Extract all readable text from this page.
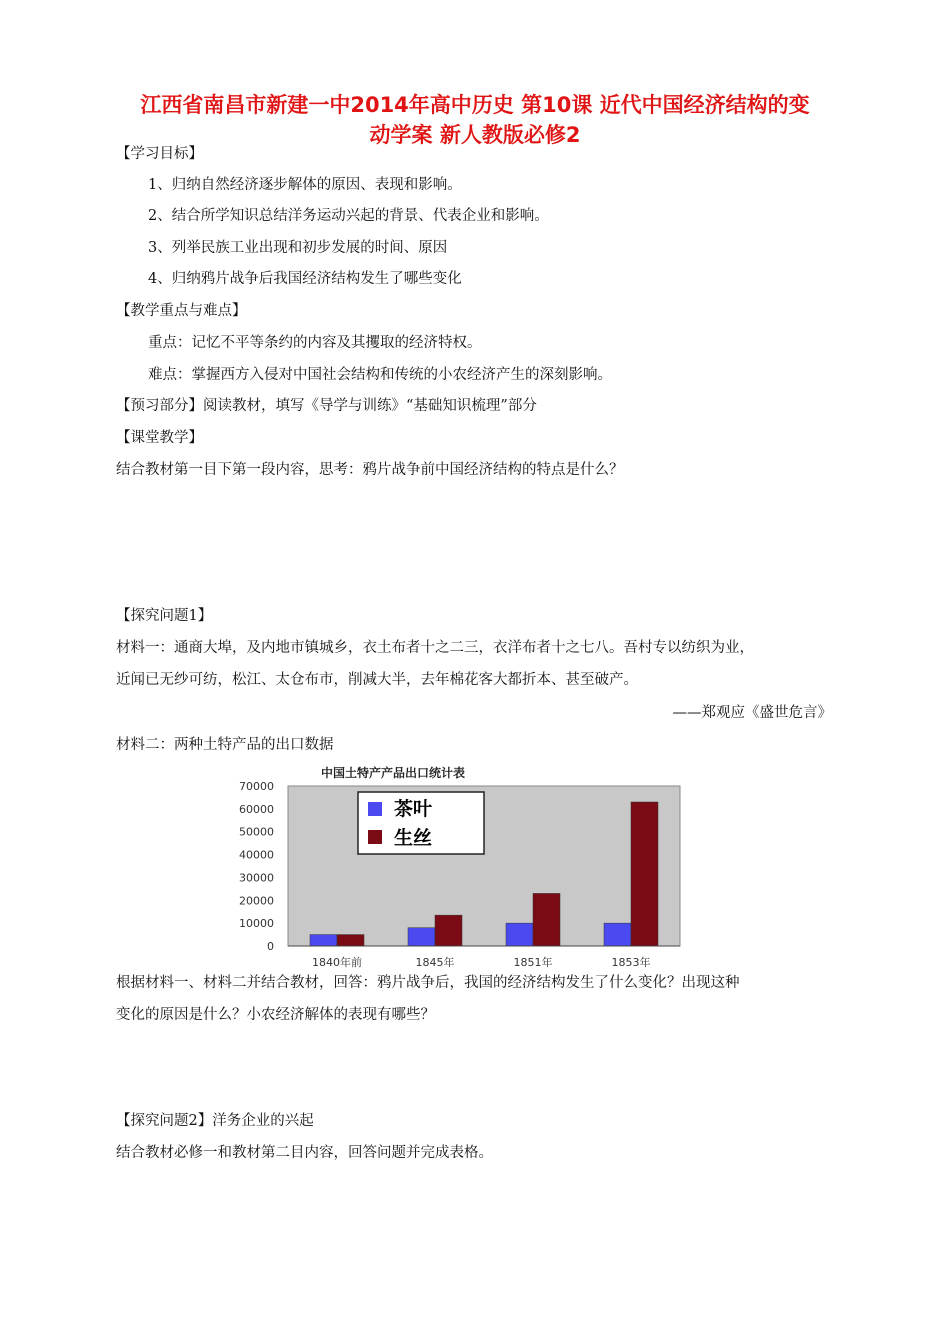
江西省南昌市新建一中2014年高中历史 第10课 近代中国经济结构的变
动学案 新人教版必修2

【学习目标】

1、归纳自然经济逐步解体的原因、表现和影响。

2、结合所学知识总结洋务运动兴起的背景、代表企业和影响。

3、列举民族工业出现和初步发展的时间、原因

4、归纳鸦片战争后我国经济结构发生了哪些变化

【教学重点与难点】

重点：记忆不平等条约的内容及其攫取的经济特权。

难点：掌握西方入侵对中国社会结构和传统的小农经济产生的深刻影响。

【预习部分】阅读教材，填写《导学与训练》“基础知识梳理”部分

【课堂教学】

结合教材第一目下第一段内容，思考：鸦片战争前中国经济结构的特点是什么？

【探究问题1】

材料一：通商大埠，及内地市镇城乡，衣土布者十之二三，衣洋布者十之七八。吾村专以纺织为业，

近闻已无纱可纺，松江、太仓布市，削减大半，去年棉花客大都折本、甚至破产。

——郑观应《盛世危言》

材料二：两种土特产品的出口数据

中国土特产产品出口统计表
0
10000
20000
30000
40000
50000
60000
70000
1840年前	1845年	1851年	1853年
茶叶
生丝

根据材料一、材料二并结合教材，回答：鸦片战争后，我国的经济结构发生了什么变化？出现这种

变化的原因是什么？小农经济解体的表现有哪些？

【探究问题2】洋务企业的兴起

结合教材必修一和教材第二目内容，回答问题并完成表格。
